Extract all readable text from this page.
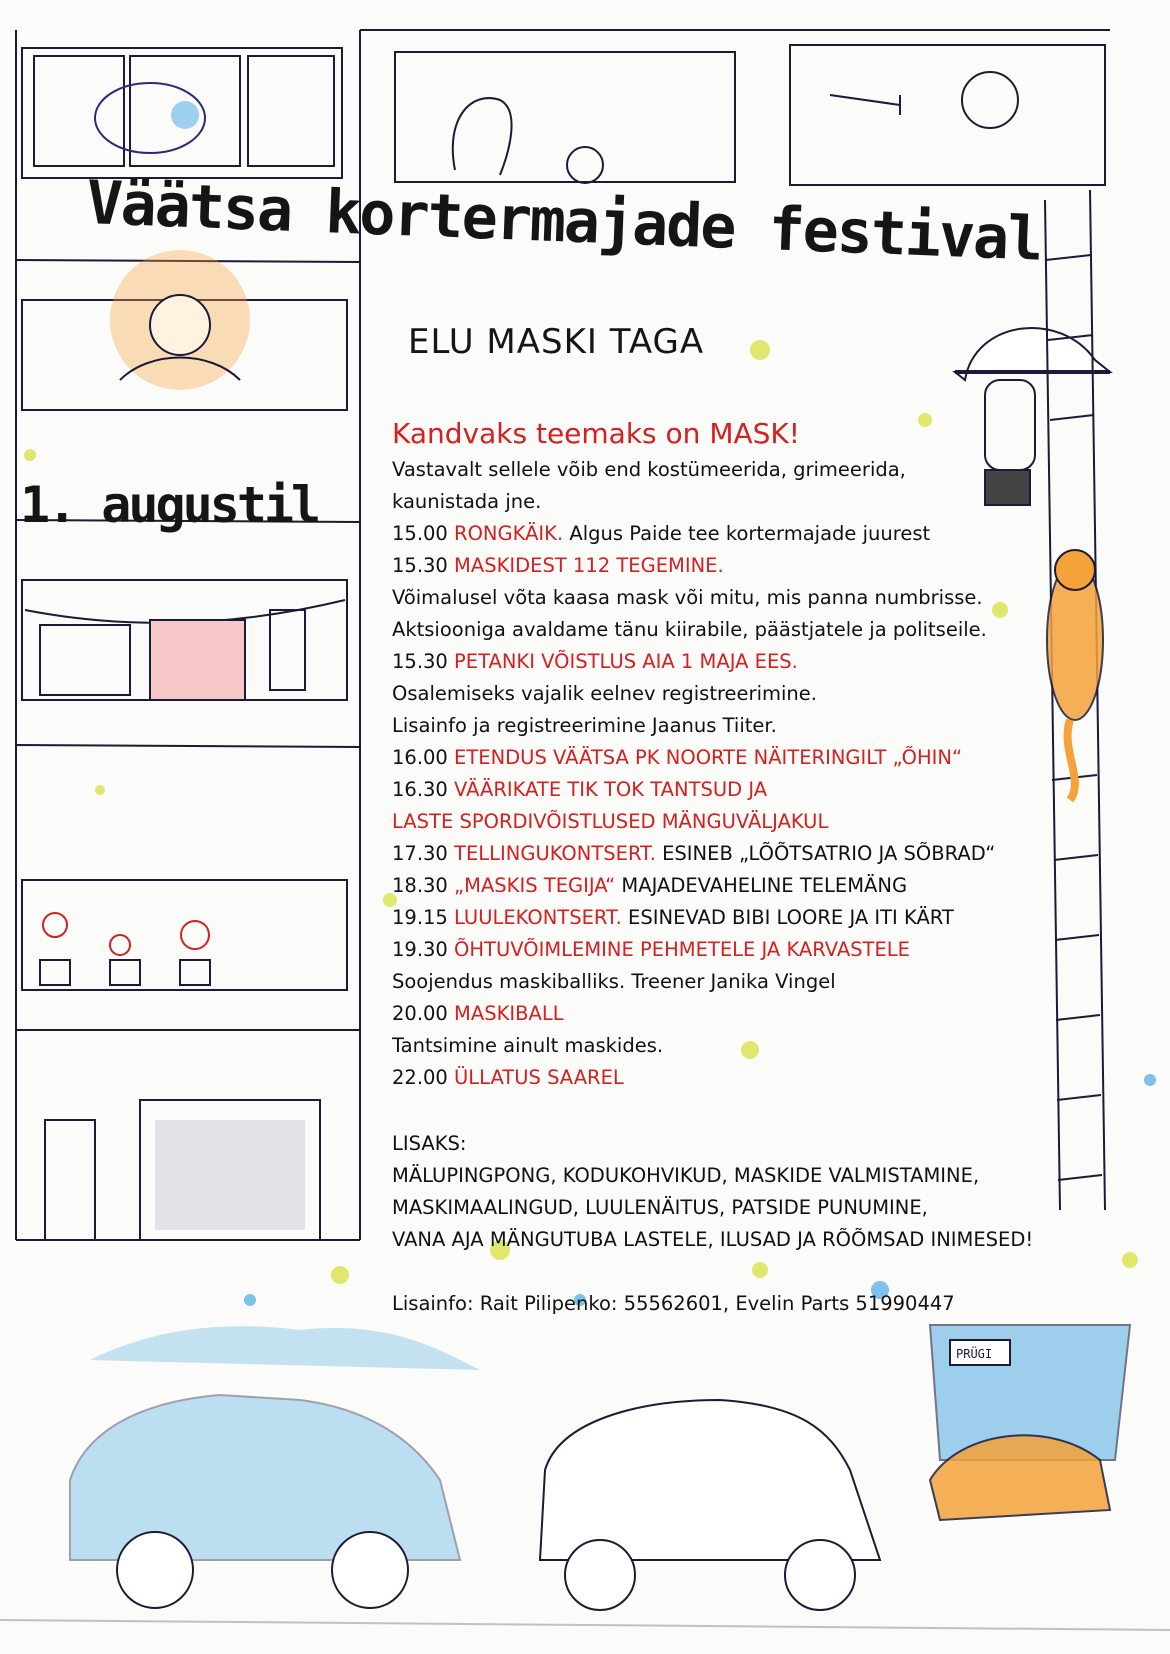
PRÜGI
Väätsa kortermajade festival
ELU MASKI TAGA
1. augustil

Kandvaks teemaks on MASK!

Vastavalt sellele võib end kostümeerida, grimeerida,

kaunistada jne.

15.00 RONGKÄIK. Algus Paide tee kortermajade juurest

15.30 MASKIDEST 112 TEGEMINE.

Võimalusel võta kaasa mask või mitu, mis panna numbrisse.

Aktsiooniga avaldame tänu kiirabile, päästjatele ja politseile.

15.30 PETANKI VÕISTLUS AIA 1 MAJA EES.

Osalemiseks vajalik eelnev registreerimine.

Lisainfo ja registreerimine Jaanus Tiiter.

16.00 ETENDUS VÄÄTSA PK NOORTE NÄITERINGILT „ÕHIN“

16.30 VÄÄRIKATE TIK TOK TANTSUD JA

LASTE SPORDIVÕISTLUSED MÄNGUVÄLJAKUL

17.30 TELLINGUKONTSERT. ESINEB „LÕÕTSATRIO JA SÕBRAD“

18.30 „MASKIS TEGIJA“ MAJADEVAHELINE TELEMÄNG

19.15 LUULEKONTSERT. ESINEVAD BIBI LOORE JA ITI KÄRT

19.30 ÕHTUVÕIMLEMINE PEHMETELE JA KARVASTELE

Soojendus maskiballiks. Treener Janika Vingel

20.00 MASKIBALL

Tantsimine ainult maskides.

22.00 ÜLLATUS SAAREL

LISAKS:

MÄLUPINGPONG, KODUKOHVIKUD, MASKIDE VALMISTAMINE,

MASKIMAALINGUD, LUULENÄITUS, PATSIDE PUNUMINE,

VANA AJA MÄNGUTUBA LASTELE, ILUSAD JA RÕÕMSAD INIMESED!

Lisainfo: Rait Pilipenko: 55562601, Evelin Parts 51990447
